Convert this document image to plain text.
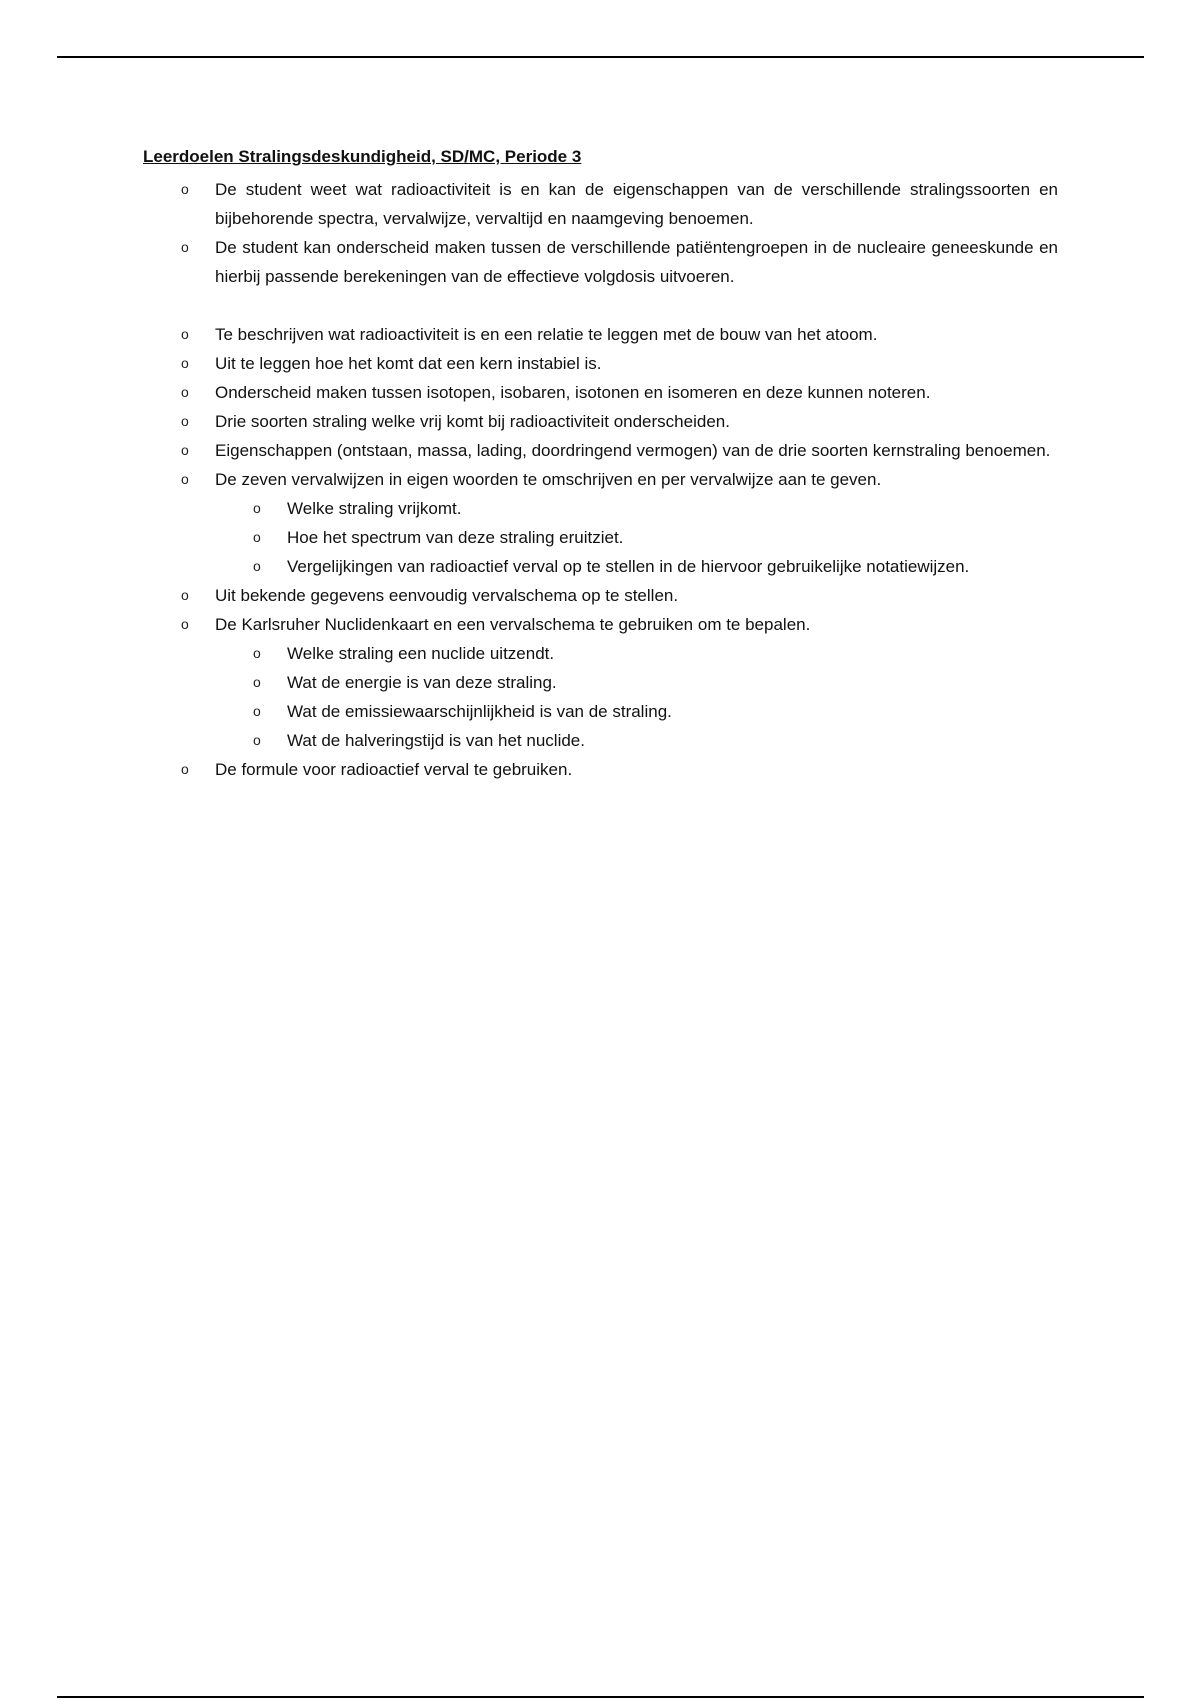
Leerdoelen Stralingsdeskundigheid, SD/MC, Periode 3

o De student weet wat radioactiviteit is en kan de eigenschappen van de verschillende stralingssoorten en bijbehorende spectra, vervalwijze, vervaltijd en naamgeving benoemen.
o De student kan onderscheid maken tussen de verschillende patiëntengroepen in de nucleaire geneeskunde en hierbij passende berekeningen van de effectieve volgdosis uitvoeren.
o Te beschrijven wat radioactiviteit is en een relatie te leggen met de bouw van het atoom.
o Uit te leggen hoe het komt dat een kern instabiel is.
o Onderscheid maken tussen isotopen, isobaren, isotonen en isomeren en deze kunnen noteren.
o Drie soorten straling welke vrij komt bij radioactiviteit onderscheiden.
o Eigenschappen (ontstaan, massa, lading, doordringend vermogen) van de drie soorten kernstraling benoemen.
o De zeven vervalwijzen in eigen woorden te omschrijven en per vervalwijze aan te geven.
o Welke straling vrijkomt.
o Hoe het spectrum van deze straling eruitziet.
o Vergelijkingen van radioactief verval op te stellen in de hiervoor gebruikelijke notatiewijzen.
o Uit bekende gegevens eenvoudig vervalschema op te stellen.
o De Karlsruher Nuclidenkaart en een vervalschema te gebruiken om te bepalen.
o Welke straling een nuclide uitzendt.
o Wat de energie is van deze straling.
o Wat de emissiewaarschijnlijkheid is van de straling.
o Wat de halveringstijd is van het nuclide.
o De formule voor radioactief verval te gebruiken.
